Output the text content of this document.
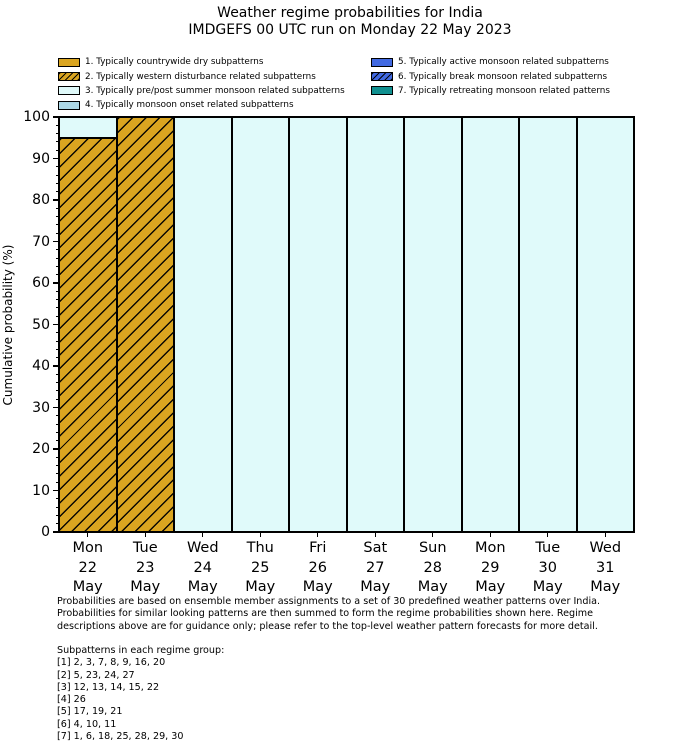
Weather regime probabilities for India
IMDGEFS 00 UTC run on Monday 22 May 2023
1. Typically countrywide dry subpatterns
2. Typically western disturbance related subpatterns
3. Typically pre/post summer monsoon related subpatterns
4. Typically monsoon onset related subpatterns
5. Typically active monsoon related subpatterns
6. Typically break monsoon related subpatterns
7. Typically retreating monsoon related patterns
Cumulative probability (%)
0
10
20
30
40
50
60
70
80
90
100
Mon
22
May
Tue
23
May
Wed
24
May
Thu
25
May
Fri
26
May
Sat
27
May
Sun
28
May
Mon
29
May
Tue
30
May
Wed
31
May
Probabilities are based on ensemble member assignments to a set of 30 predefined weather patterns over India.
Probabilities for similar looking patterns are then summed to form the regime probabilities shown here. Regime
descriptions above are for guidance only; please refer to the top-level weather pattern forecasts for more detail.
Subpatterns in each regime group:
[1] 2, 3, 7, 8, 9, 16, 20
[2] 5, 23, 24, 27
[3] 12, 13, 14, 15, 22
[4] 26
[5] 17, 19, 21
[6] 4, 10, 11
[7] 1, 6, 18, 25, 28, 29, 30
